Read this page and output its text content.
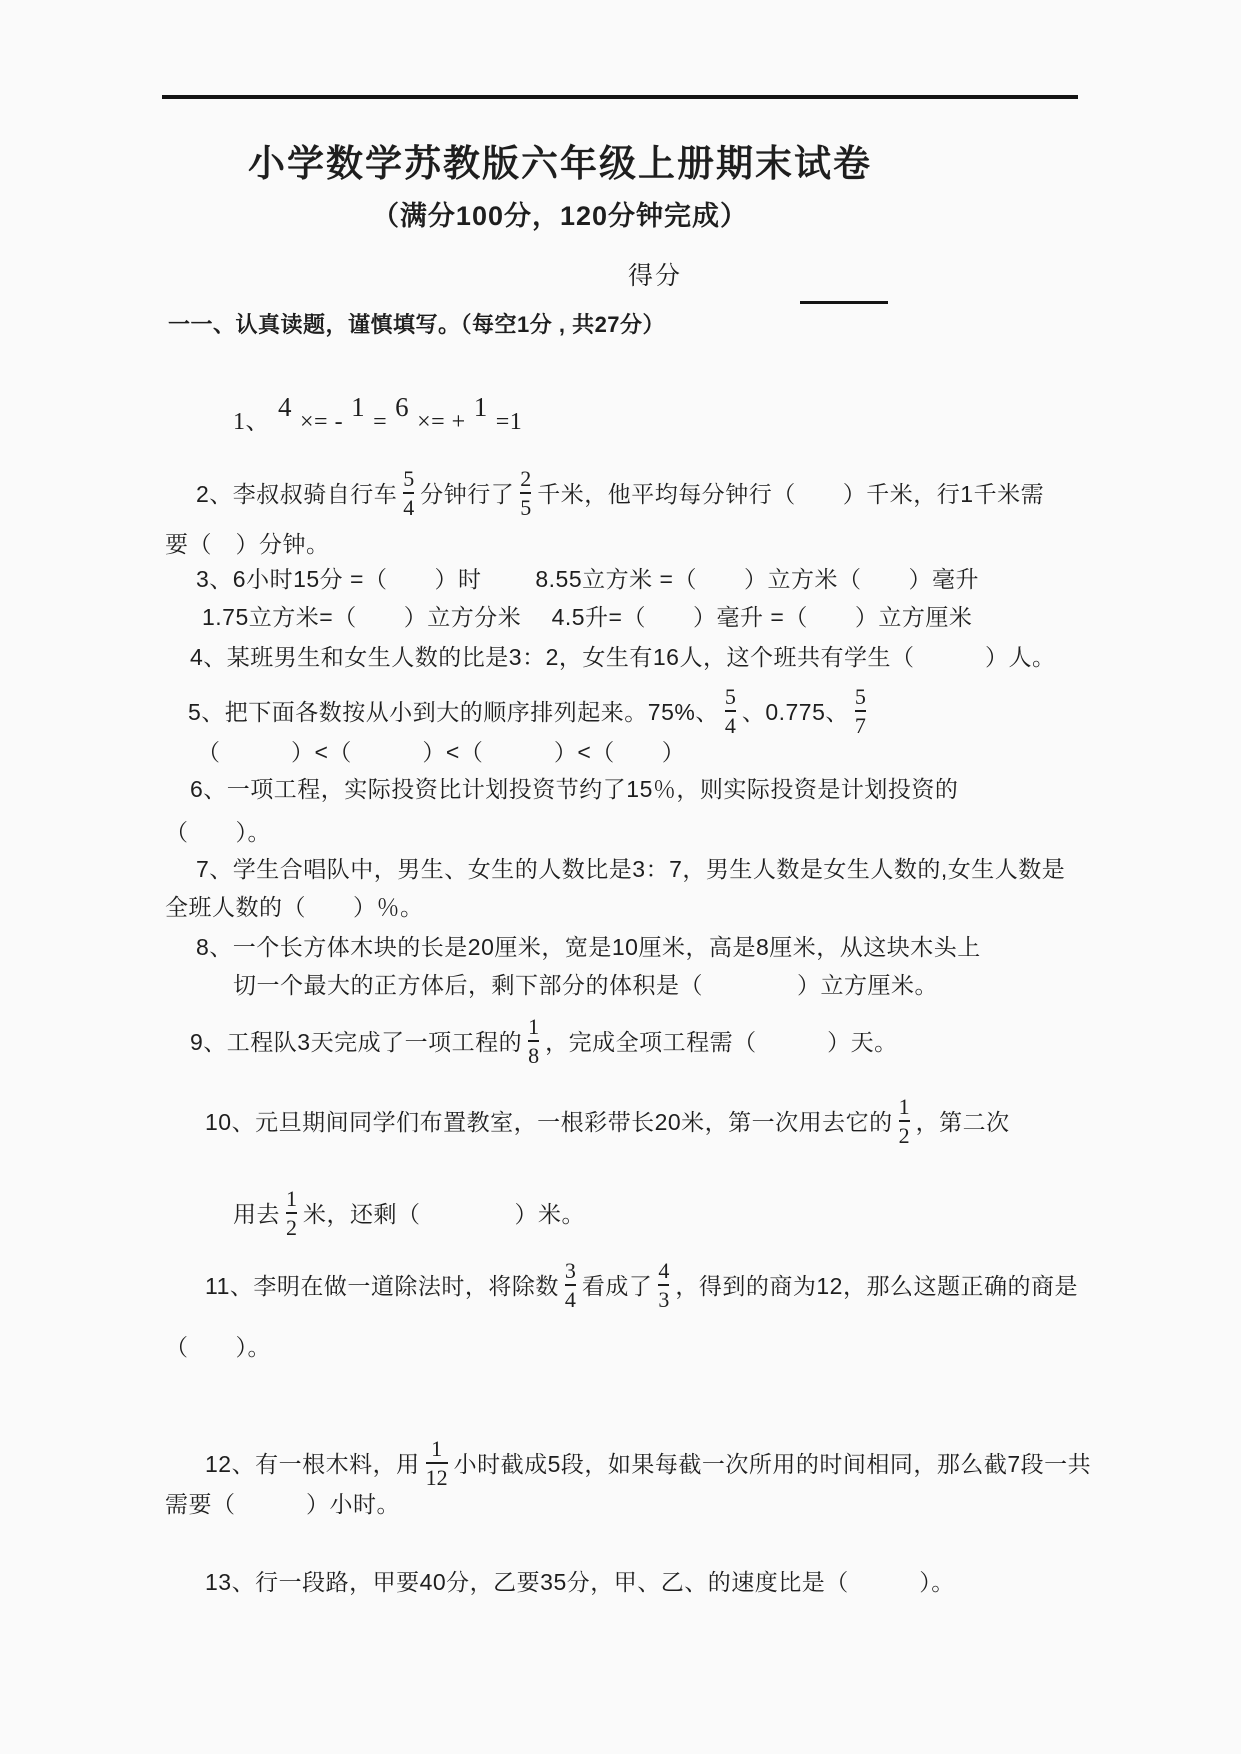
小学数学苏教版六年级上册期末试卷
（满分100分，120分钟完成）
得分
一一、认真读题，谨慎填写。（每空1分 , 共27分）
1、 4 ×= - 1 = 6 ×= + 1 =1
2、李叔叔骑自行车 $\frac{5}{4}$ 分钟行了 $\frac{2}{5}$ 千米，他平均每分钟行（　　）千米，行1千米需
要（　）分钟。
3、6小时15分 =（　　）时　　 8.55立方米 =（　　）立方米（　　）毫升
1.75立方米=（　　）立方分米　 4.5升=（　　）毫升 =（　　）立方厘米
4、某班男生和女生人数的比是3：2，女生有16人，这个班共有学生（　　　）人。
5、把下面各数按从小到大的顺序排列起来。75%、 $\frac{5}{4}$ 、0.775、 $\frac{5}{7}$
（　　　）<（　　　）<（　　　）<（　　）
6、一项工程，实际投资比计划投资节约了15％，则实际投资是计划投资的
（　　）。
7、学生合唱队中，男生、女生的人数比是3：7，男生人数是女生人数的,女生人数是
全班人数的（　　）％。
8、一个长方体木块的长是20厘米，宽是10厘米，高是8厘米，从这块木头上
切一个最大的正方体后，剩下部分的体积是（　　　　）立方厘米。
9、工程队3天完成了一项工程的 $\frac{1}{8}$ ，完成全项工程需（　　　）天。
10、元旦期间同学们布置教室，一根彩带长20米，第一次用去它的 $\frac{1}{2}$ ，第二次
用去 $\frac{1}{2}$ 米，还剩（　　　　）米。
11、李明在做一道除法时，将除数 $\frac{3}{4}$ 看成了 $\frac{4}{3}$ ，得到的商为12，那么这题正确的商是
（　　）。
12、有一根木料，用 $\frac{1}{12}$ 小时截成5段，如果每截一次所用的时间相同，那么截7段一共
需要（　　　）小时。
13、行一段路，甲要40分，乙要35分，甲、乙、的速度比是（　　　）。
